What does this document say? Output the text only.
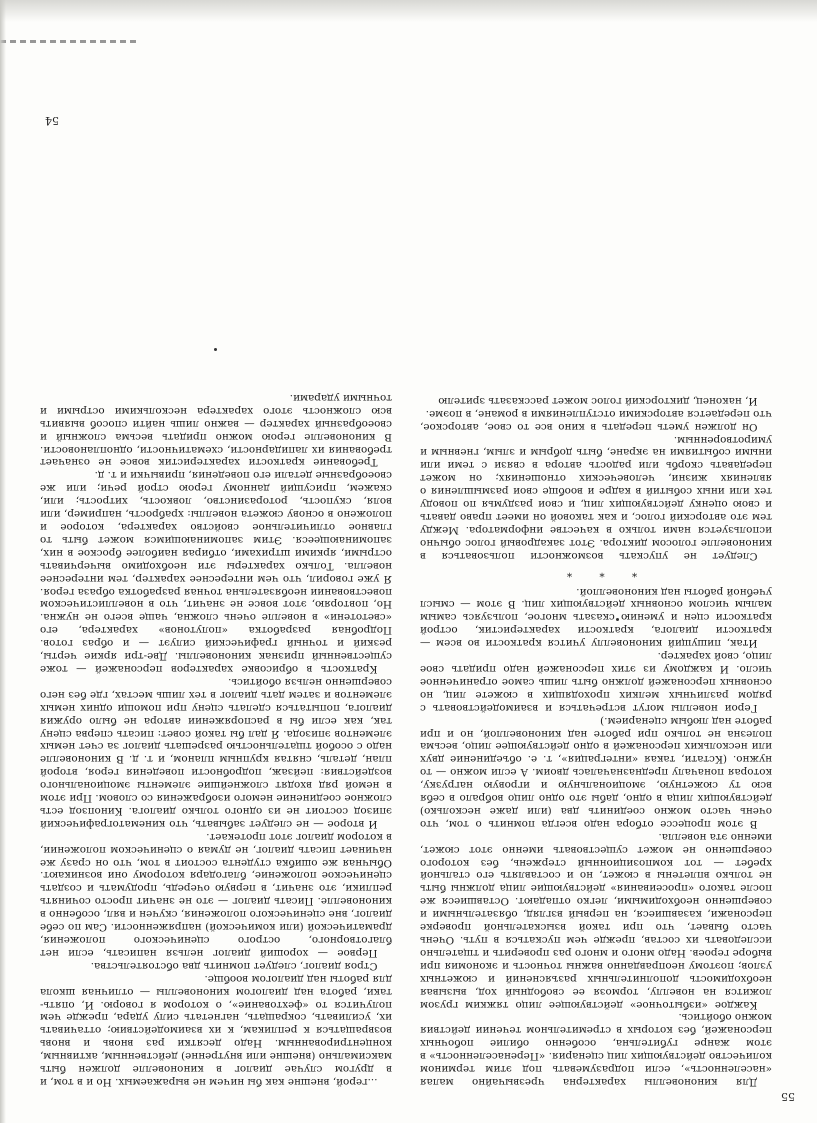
...герой, внешне как бы ничем не выражаемых. Но и в том, и в другом случае диалог в киноновелле должен быть максимально (внешне или внутренне) действенным, активным, концентрированным. Надо десятки раз вновь и вновь возвращаться к репликам, к их взаимодействию; оттачивать их, усиливать, сокращать, нагнетать силу удара, прежде чем получится то «фехтование», о котором я говорю. И, опять-таки, работа над диалогом киноновеллы — отличная школа для работы над диалогом вообще.

Строя диалог, следует помнить два обстоятельства.

Первое — хороший диалог нельзя написать, если нет благотворного, острого сценического положения, драматической (или комической) напряженности. Сам по себе диалог, вне сценического положения, скучен и вял, особенно в киноновелле. Писать диалог — это не значит просто сочинять реплики, это значит, в первую очередь, продумать и создать сценическое положение, благодаря которому они возникают. Обычная же ошибка студента состоит в том, что он сразу же начинает писать диалог, не думая о сценическом положении, в котором диалог этот протекает.

И второе — не следует забывать, что кинематографический эпизод состоит не из одного только диалога. Кинопзод есть сложное соединение немого изображения со словом. При этом в немой ряд входят сложнейшие элементы эмоционального воздействия: пейзаж, подробности поведения героя, второй план, деталь, снятая крупным планом, и т. д. В киноновелле надо с особой тщательностью разрешать диалог за счет немых элементов эпизода. Я дал бы такой совет: писать сперва сцену так, как если бы в распоряжении автора не было оружия диалога, попытаться сделать сцену при помощи одних немых элементов и затем дать диалог в тех лишь местах, где без него совершенно нельзя обойтись.

Краткость в обрисовке характеров персонажей — тоже существенный признак киноновеллы. Две-три яркие черты, резкий и точный графический силуэт — и образ готов. Подробная разработка «полутонов» характера, его «светотени» в новелле очень сложна, чаще всего не нужна. Но, повторяю, этот вовсе не значит, что в новеллистическом повествовании необязательна точная разработка образа героя. Я уже говорил, что чем интереснее характер, тем интереснее новелла. Только характеры эти необходимо вычерчивать острыми, яркими штрихами, отбирая наиболее броское в них, запоминающееся. Этим запоминающимся может быть то главное отличительное свойство характера, которое и положено в основу сюжета новеллы: храбрость, например, или воля, скупость, роторазинство, ловкость, хитрость; или, скажем, присущий данному герою строй речи; или же своеобразные детали его поведения, привычки и т. д.

Требование краткости характеристик вовсе не означает требования их лапидарности, схематичности, одноплановости. В киноновелле герою можно придать весьма сложный и своеобразный характер — важно лишь найти способ выявить всю сложность этого характера несколькими острыми и точными ударами.

54

Для киноновеллы характерна чрезвычайно малая «населенность», если подразумевать под этим термином количество действующих лиц сценария. «Перенаселенность» в этом жанре губительна, особенно обилие побочных персонажей, без которых в стремительном течении действия можно обойтись.

Каждое «избыточное» действующее лицо тяжким грузом ложится на новеллу, тормозя ее свободный ход, вызывая необходимость дополнительных разъяснений и сюжетных узлов; поэтому неоправданно важны точность и экономия при выборе героев. Надо много и много раз проверить и тщательно исследовать их состав, прежде чем пускаться в путь. Очень часто бывает, что при такой взыскательной проверке персонажи, казавшиеся, на первый взгляд, обязательными и совершенно необходимыми, легко отпадают. Оставшиеся же после такого «просеивания» действующие лица должны быть не только вплетены в сюжет, но и составлять его стальной хребет — тот композиционный стержень, без которого совершенно не может существовать именно этот сюжет, именно эта новелла.

В этом процессе отбора надо всегда помнить о том, что очень часто можно соединить два (или даже несколько) действующих лица в одно, дабы это одно лицо вобрало в себя всю ту сюжетную, эмоциональную и игровую нагрузку, которая поначалу предназначалась двоим. А если можно — то нужно. (Кстати, такая «интеграция», т. е. объединение двух или нескольких персонажей в одно действующее лицо, весьма полезна не только при работе над киноновеллой, но и при работе над любым сценарием.)

Герои новеллы могут встречаться и взаимодействовать с рядом различных мелких проходящих в сюжете лиц, но основных персонажей должно быть лишь самое ограниченное число. И каждому из этих персонажей надо придать свое лицо, свой характер.

Итак, пишущий киноновеллу учится краткости во всем — краткости диалога, краткости характеристик, острой краткости сцен и умению сказать многое, пользуясь самым малым числом основных действующих лиц. В этом — смысл учебной работы над киноновеллой.

* * *

Следует не упускать возможности пользоваться в киноновелле голосом диктора. Этот закадровый голос обычно используется нами только в качестве информатора. Между тем это авторский голос, и как таковой он имеет право давать и свою оценку действующих лиц, и свои раздумья по поводу тех или иных событий в кадре и вообще свои размышления о явлениях жизни, человеческих отношениях; он может передавать скорбь или радость автора в связи с теми или иными событиями на экране, быть добрым и злым, гневным и умиротворенным.

Он должен уметь передать в кино все то свое, авторское, что передается авторскими отступлениями в романе, в поэме.

И, наконец, дикторский голос может рассказать зрителю

55
